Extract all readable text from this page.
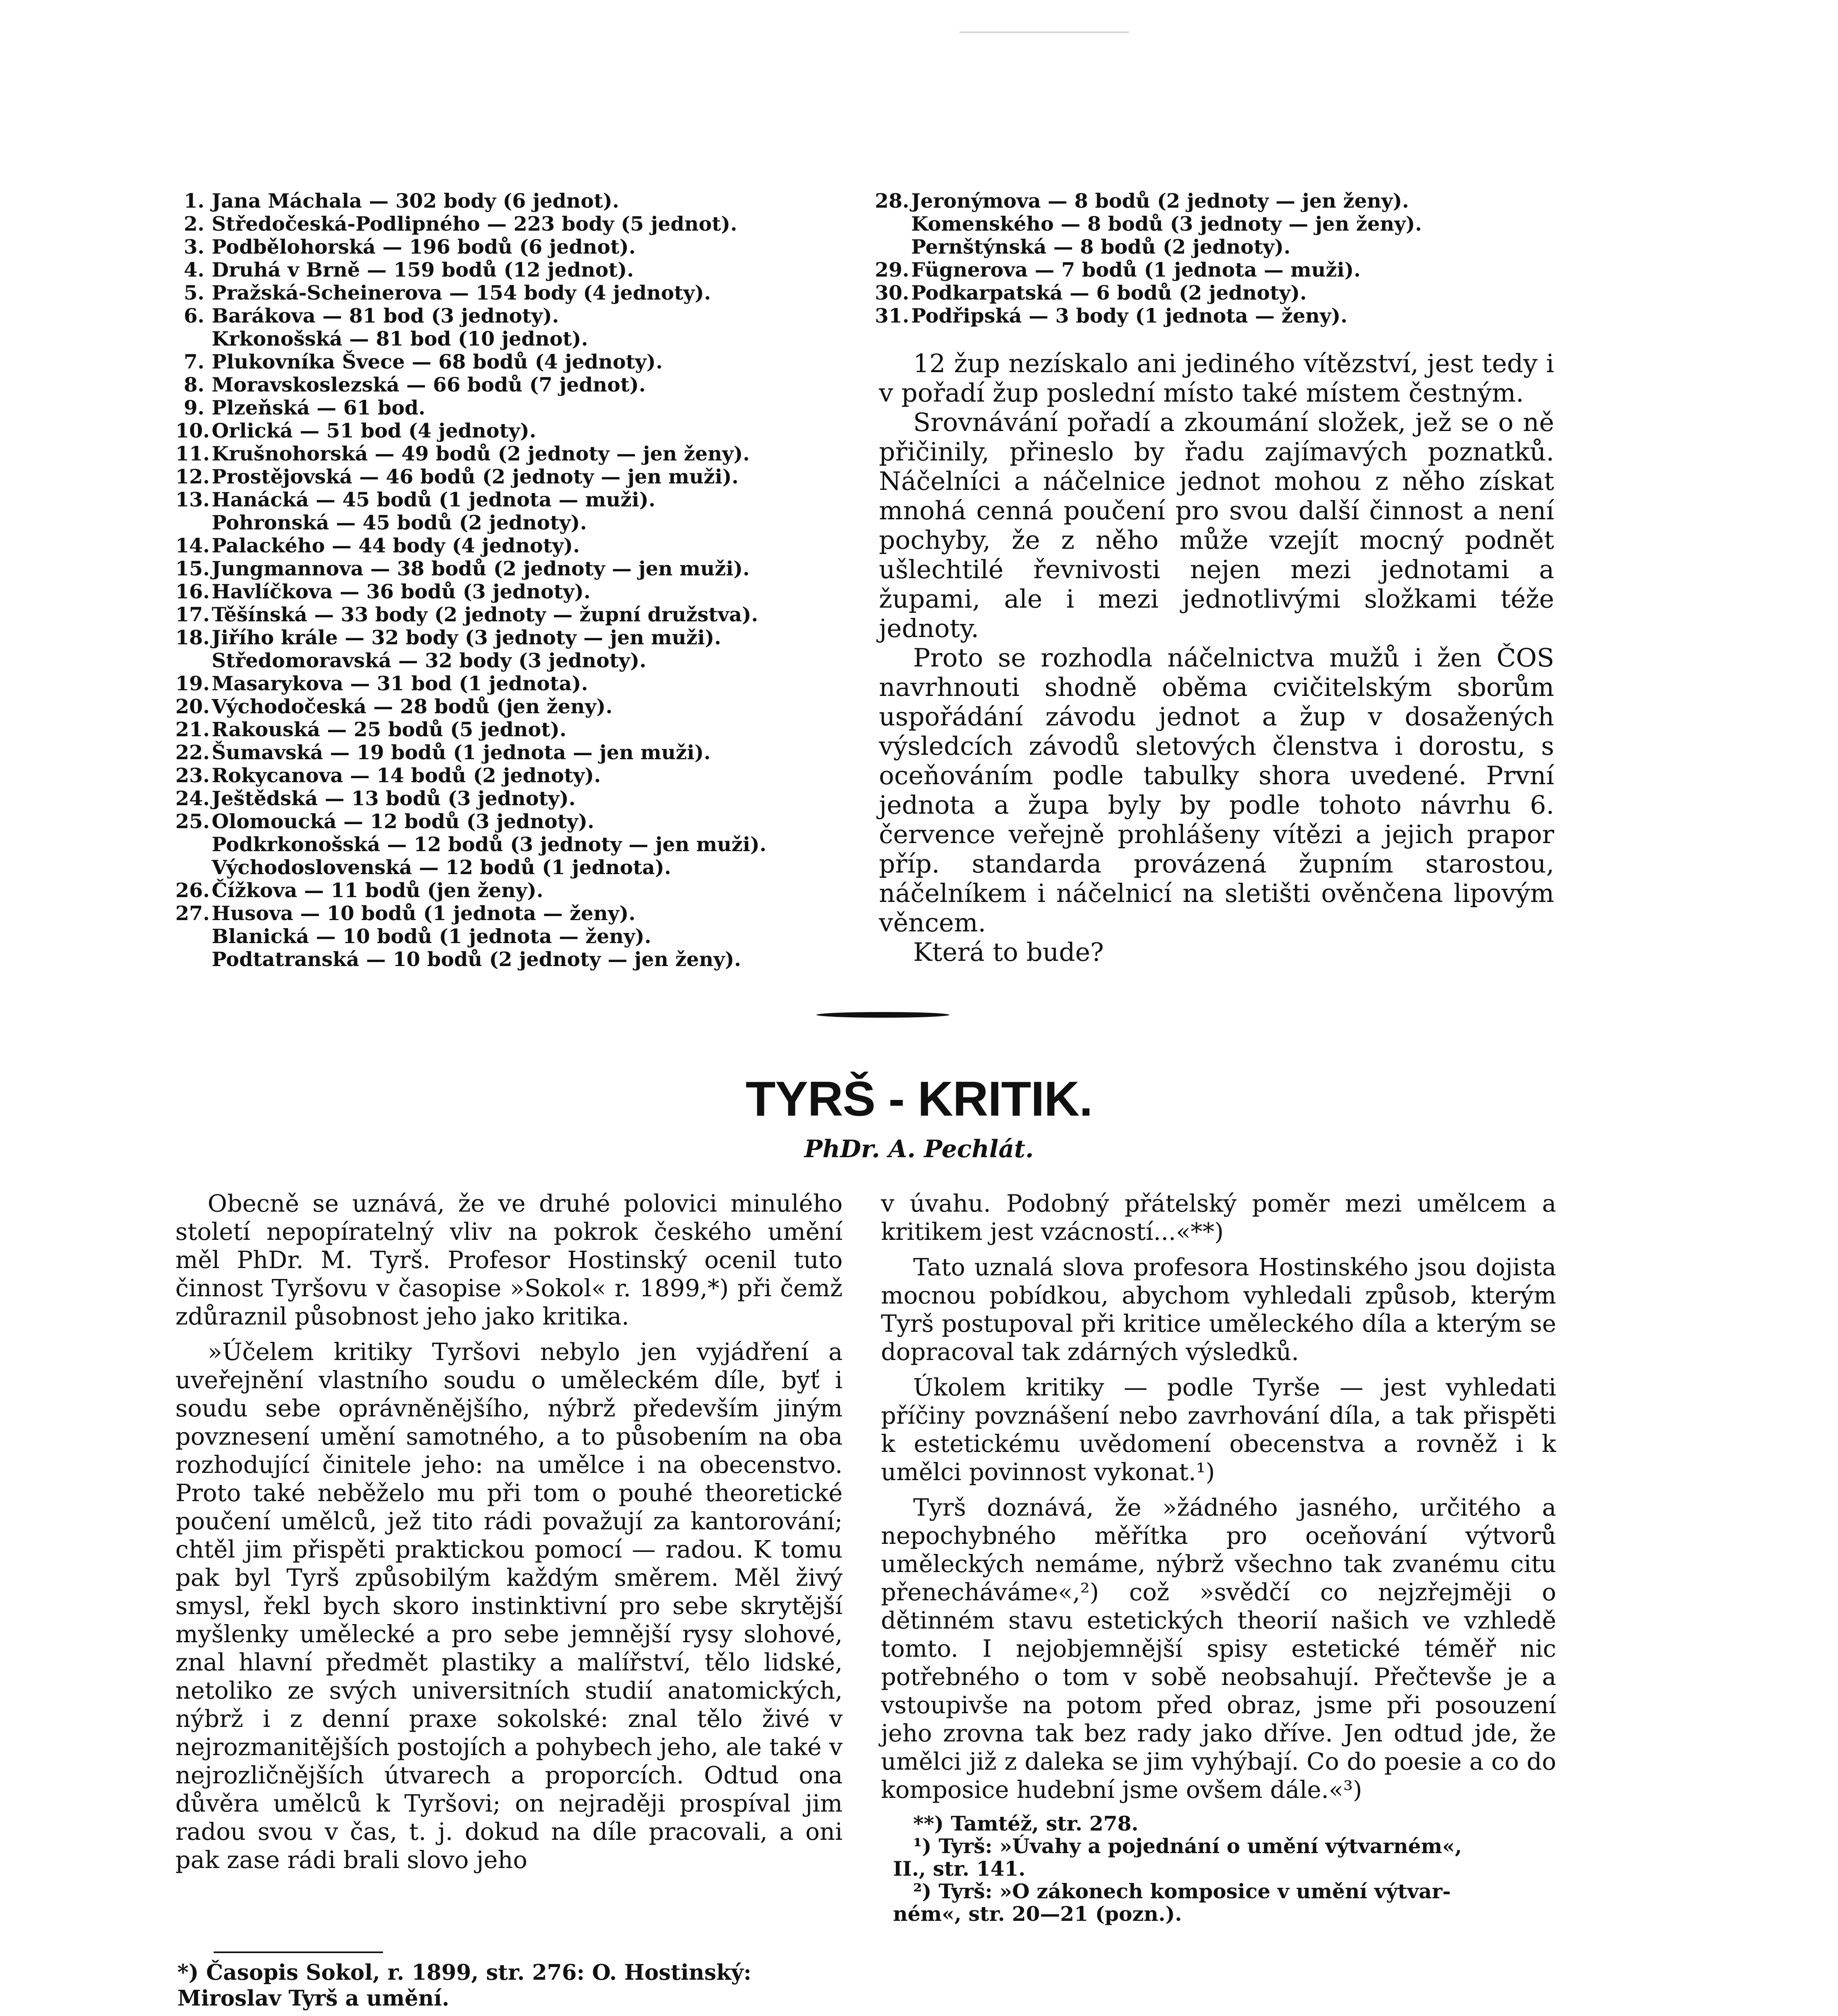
1. Jana Máchala — 302 body (6 jednot).
2. Středočeská-Podlipného — 223 body (5 jednot).
3. Podbělohorská — 196 bodů (6 jednot).
4. Druhá v Brně — 159 bodů (12 jednot).
5. Pražská-Scheinerova — 154 body (4 jednoty).
6. Barákova — 81 bod (3 jednoty).
Krkonošská — 81 bod (10 jednot).
7. Plukovníka Švece — 68 bodů (4 jednoty).
8. Moravskoslezská — 66 bodů (7 jednot).
9. Plzeňská — 61 bod.
10. Orlická — 51 bod (4 jednoty).
11. Krušnohorská — 49 bodů (2 jednoty — jen ženy).
12. Prostějovská — 46 bodů (2 jednoty — jen muži).
13. Hanácká — 45 bodů (1 jednota — muži).
Pohronská — 45 bodů (2 jednoty).
14. Palackého — 44 body (4 jednoty).
15. Jungmannova — 38 bodů (2 jednoty — jen muži).
16. Havlíčkova — 36 bodů (3 jednoty).
17. Těšínská — 33 body (2 jednoty — župní družstva).
18. Jiřího krále — 32 body (3 jednoty — jen muži).
Středomoravská — 32 body (3 jednoty).
19. Masarykova — 31 bod (1 jednota).
20. Východočeská — 28 bodů (jen ženy).
21. Rakouská — 25 bodů (5 jednot).
22. Šumavská — 19 bodů (1 jednota — jen muži).
23. Rokycanova — 14 bodů (2 jednoty).
24. Ještědská — 13 bodů (3 jednoty).
25. Olomoucká — 12 bodů (3 jednoty).
Podkrkonošská — 12 bodů (3 jednoty — jen muži).
Východoslovenská — 12 bodů (1 jednota).
26. Čížkova — 11 bodů (jen ženy).
27. Husova — 10 bodů (1 jednota — ženy).
Blanická — 10 bodů (1 jednota — ženy).
Podtatranská — 10 bodů (2 jednoty — jen ženy).
28. Jeronýmova — 8 bodů (2 jednoty — jen ženy).
Komenského — 8 bodů (3 jednoty — jen ženy).
Pernštýnská — 8 bodů (2 jednoty).
29. Fügnerova — 7 bodů (1 jednota — muži).
30. Podkarpatská — 6 bodů (2 jednoty).
31. Podřipská — 3 body (1 jednota — ženy).

12 žup nezískalo ani jediného vítězství, jest tedy i v pořadí žup poslední místo také místem čestným.

Srovnávání pořadí a zkoumání složek, jež se o ně přičinily, přineslo by řadu zajímavých poznatků. Náčelníci a náčelnice jednot mohou z něho získat mnohá cenná poučení pro svou další činnost a není pochyby, že z něho může vzejít mocný podnět ušlechtilé řevnivosti nejen mezi jednotami a župami, ale i mezi jednotlivými složkami téže jednoty.

Proto se rozhodla náčelnictva mužů i žen ČOS navrhnouti shodně oběma cvičitelským sborům uspořádání závodu jednot a žup v dosažených výsledcích závodů sletových členstva i dorostu, s oceňováním podle tabulky shora uvedené. První jednota a župa byly by podle tohoto návrhu 6. července veřejně prohlášeny vítězi a jejich prapor příp. standarda provázená župním starostou, náčelníkem i náčelnicí na sletišti ověnčena lipovým věncem.

Která to bude?

TYRŠ - KRITIK.
PhDr. A. Pechlát.

Obecně se uznává, že ve druhé polovici minulého století nepopíratelný vliv na pokrok českého umění měl PhDr. M. Tyrš. Profesor Hostinský ocenil tuto činnost Tyršovu v časopise »Sokol« r. 1899,*) při čemž zdůraznil působnost jeho jako kritika.

»Účelem kritiky Tyršovi nebylo jen vyjádření a uveřejnění vlastního soudu o uměleckém díle, byť i soudu sebe oprávněnějšího, nýbrž především jiným povznesení umění samotného, a to působením na oba rozhodující činitele jeho: na umělce i na obecenstvo. Proto také neběželo mu při tom o pouhé theoretické poučení umělců, jež tito rádi považují za kantorování; chtěl jim přispěti praktickou pomocí — radou. K tomu pak byl Tyrš způsobilým každým směrem. Měl živý smysl, řekl bych skoro instinktivní pro sebe skrytější myšlenky umělecké a pro sebe jemnější rysy slohové, znal hlavní předmět plastiky a malířství, tělo lidské, netoliko ze svých universitních studií anatomických, nýbrž i z denní praxe sokolské: znal tělo živé v nejrozmanitějších postojích a pohybech jeho, ale také v nejrozličnějších útvarech a proporcích. Odtud ona důvěra umělců k Tyršovi; on nejraději prospíval jim radou svou v čas, t. j. dokud na díle pracovali, a oni pak zase rádi brali slovo jeho

v úvahu. Podobný přátelský poměr mezi umělcem a kritikem jest vzácností...«**)

Tato uznalá slova profesora Hostinského jsou dojista mocnou pobídkou, abychom vyhledali způsob, kterým Tyrš postupoval při kritice uměleckého díla a kterým se dopracoval tak zdárných výsledků.

Úkolem kritiky — podle Tyrše — jest vyhledati příčiny povznášení nebo zavrhování díla, a tak přispěti k estetickému uvědomení obecenstva a rovněž i k umělci povinnost vykonat.¹)

Tyrš doznává, že »žádného jasného, určitého a nepochybného měřítka pro oceňování výtvorů uměleckých nemáme, nýbrž všechno tak zvanému citu přenecháváme«,²) což »svědčí co nejzřejměji o dětinném stavu estetických theorií našich ve vzhledě tomto. I nejobjemnější spisy estetické téměř nic potřebného o tom v sobě neobsahují. Přečtevše je a vstoupivše na potom před obraz, jsme při posouzení jeho zrovna tak bez rady jako dříve. Jen odtud jde, že umělci již z daleka se jim vyhýbají. Co do poesie a co do komposice hudební jsme ovšem dále.«³)

*) Časopis Sokol, r. 1899, str. 276: O. Hostinský: Miroslav Tyrš a umění.
**) Tamtéž, str. 278.
¹) Tyrš: »Úvahy a pojednání o umění výtvarném«,
II., str. 141.
²) Tyrš: »O zákonech komposice v umění výtvar-
ném«, str. 20—21 (pozn.).
